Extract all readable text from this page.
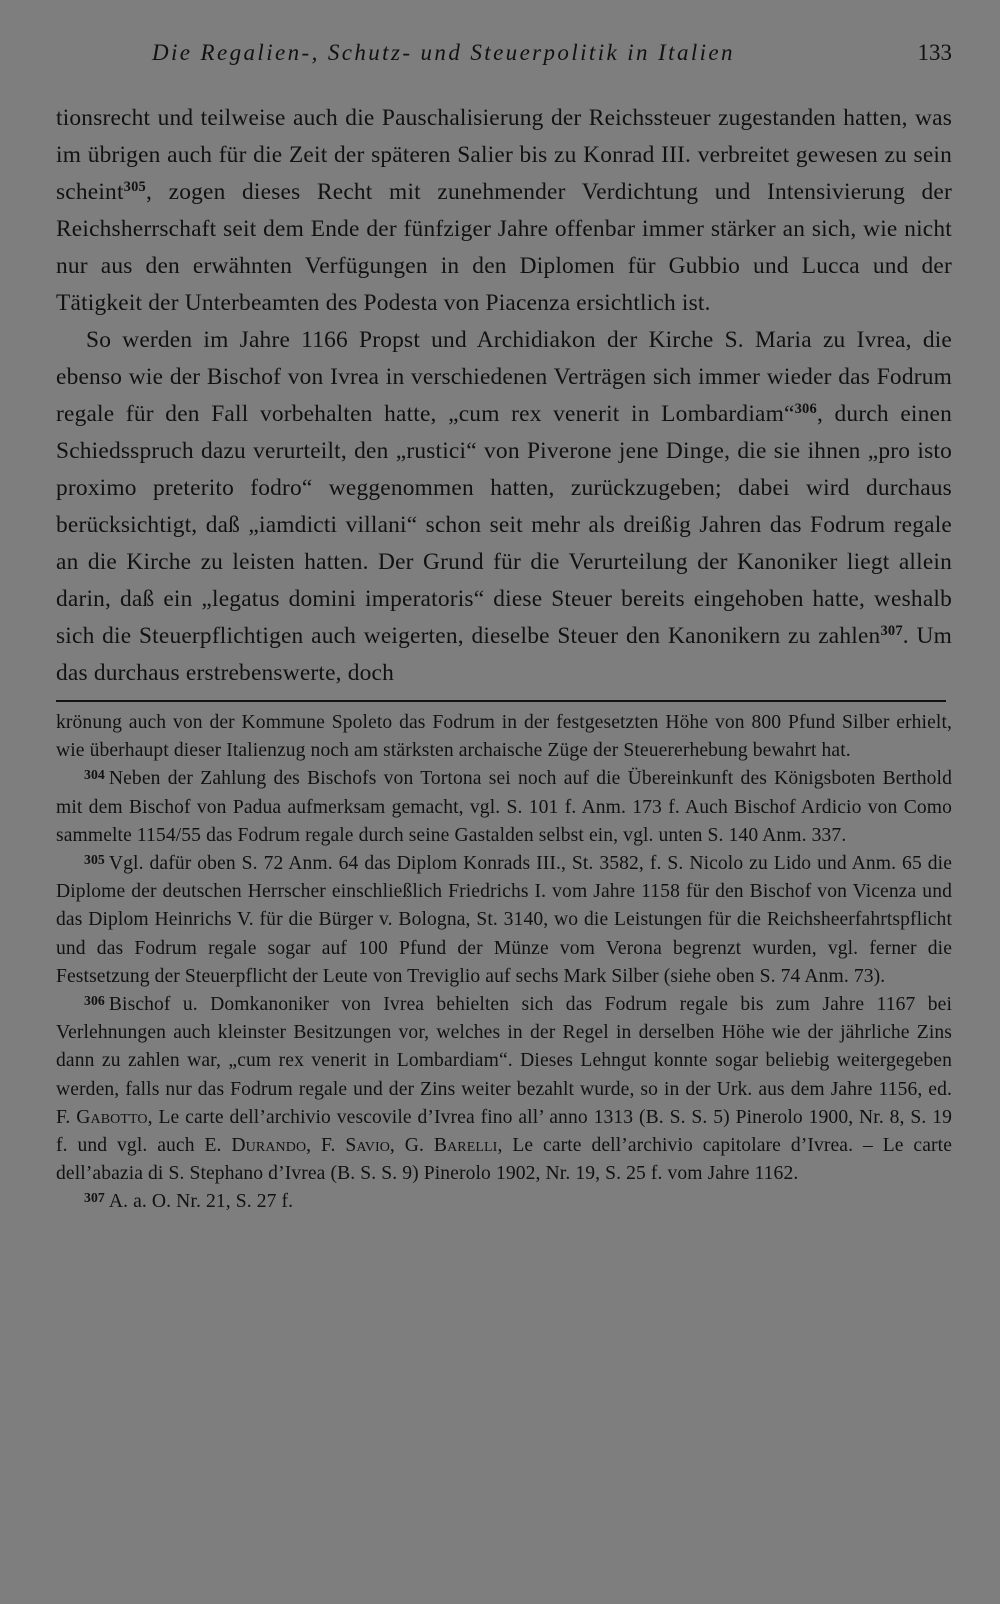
Die Regalien-, Schutz- und Steuerpolitik in Italien	133

tionsrecht und teilweise auch die Pauschalisierung der Reichssteuer zugestanden hatten, was im übrigen auch für die Zeit der späteren Salier bis zu Konrad III. verbreitet gewesen zu sein scheint$^{305}$, zogen dieses Recht mit zunehmender Verdichtung und Intensivierung der Reichsherrschaft seit dem Ende der fünfziger Jahre offenbar immer stärker an sich, wie nicht nur aus den erwähnten Verfügungen in den Diplomen für Gubbio und Lucca und der Tätigkeit der Unterbeamten des Podesta von Piacenza ersichtlich ist.

So werden im Jahre 1166 Propst und Archidiakon der Kirche S. Maria zu Ivrea, die ebenso wie der Bischof von Ivrea in verschiedenen Verträgen sich immer wieder das Fodrum regale für den Fall vorbehalten hatte, „cum rex venerit in Lombardiam“$^{306}$, durch einen Schiedsspruch dazu verurteilt, den „rustici“ von Piverone jene Dinge, die sie ihnen „pro isto proximo preterito fodro“ weggenommen hatten, zurückzugeben; dabei wird durchaus berücksichtigt, daß „iamdicti villani“ schon seit mehr als dreißig Jahren das Fodrum regale an die Kirche zu leisten hatten. Der Grund für die Verurteilung der Kanoniker liegt allein darin, daß ein „legatus domini imperatoris“ diese Steuer bereits eingehoben hatte, weshalb sich die Steuerpflichtigen auch weigerten, dieselbe Steuer den Kanonikern zu zahlen$^{307}$. Um das durchaus erstrebenswerte, doch

krönung auch von der Kommune Spoleto das Fodrum in der festgesetzten Höhe von 800 Pfund Silber erhielt, wie überhaupt dieser Italienzug noch am stärksten archaische Züge der Steuererhebung bewahrt hat.

$^{304}$ Neben der Zahlung des Bischofs von Tortona sei noch auf die Übereinkunft des Königsboten Berthold mit dem Bischof von Padua aufmerksam gemacht, vgl. S. 101 f. Anm. 173 f. Auch Bischof Ardicio von Como sammelte 1154/55 das Fodrum regale durch seine Gastalden selbst ein, vgl. unten S. 140 Anm. 337.

$^{305}$ Vgl. dafür oben S. 72 Anm. 64 das Diplom Konrads III., St. 3582, f. S. Nicolo zu Lido und Anm. 65 die Diplome der deutschen Herrscher einschließlich Friedrichs I. vom Jahre 1158 für den Bischof von Vicenza und das Diplom Heinrichs V. für die Bürger v. Bologna, St. 3140, wo die Leistungen für die Reichsheerfahrtspflicht und das Fodrum regale sogar auf 100 Pfund der Münze vom Verona begrenzt wurden, vgl. ferner die Festsetzung der Steuerpflicht der Leute von Treviglio auf sechs Mark Silber (siehe oben S. 74 Anm. 73).

$^{306}$ Bischof u. Domkanoniker von Ivrea behielten sich das Fodrum regale bis zum Jahre 1167 bei Verlehnungen auch kleinster Besitzungen vor, welches in der Regel in derselben Höhe wie der jährliche Zins dann zu zahlen war, „cum rex venerit in Lombardiam“. Dieses Lehngut konnte sogar beliebig weitergegeben werden, falls nur das Fodrum regale und der Zins weiter bezahlt wurde, so in der Urk. aus dem Jahre 1156, ed. F. Gabotto, Le carte dell’archivio vescovile d’Ivrea fino all’ anno 1313 (B. S. S. 5) Pinerolo 1900, Nr. 8, S. 19 f. und vgl. auch E. Durando, F. Savio, G. Barelli, Le carte dell’archivio capitolare d’Ivrea. – Le carte dell’abazia di S. Stephano d’Ivrea (B. S. S. 9) Pinerolo 1902, Nr. 19, S. 25 f. vom Jahre 1162.

$^{307}$ A. a. O. Nr. 21, S. 27 f.
